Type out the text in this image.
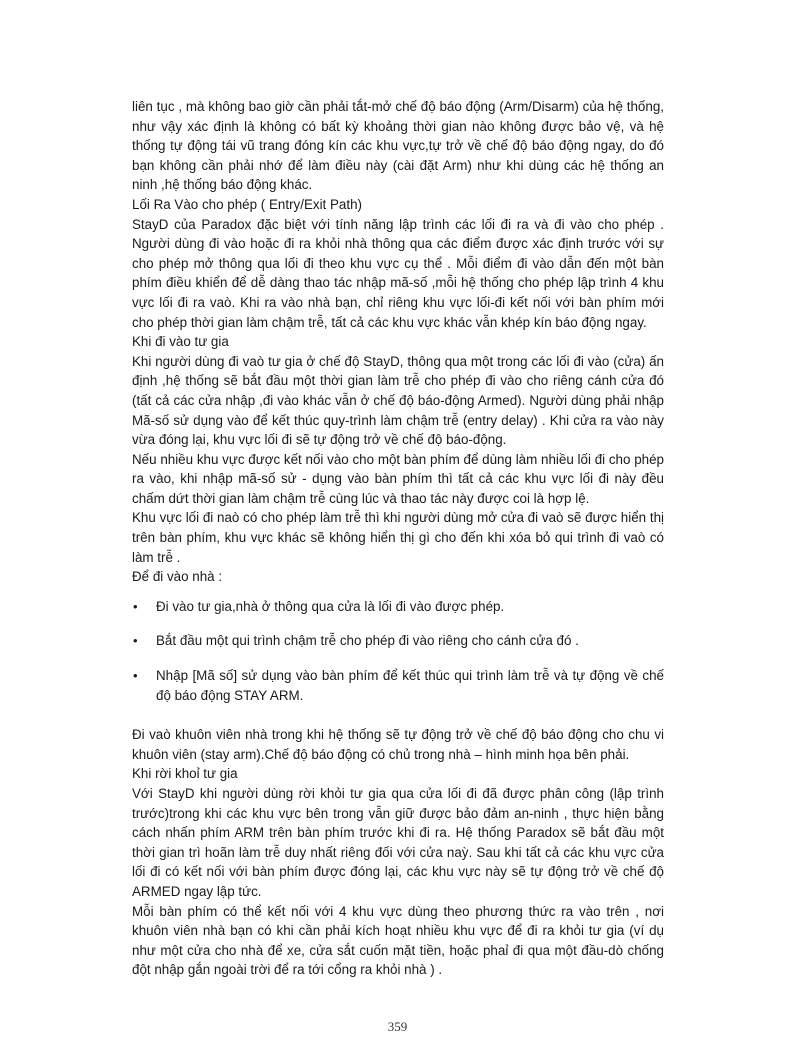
liên tục , mà không bao giờ cần phải tắt-mở chế độ báo động (Arm/Disarm) của hệ thống, như vậy xác định là không có bất kỳ khoảng thời gian nào không được bảo vệ, và hệ thống tự động tái vũ trang đóng kín các khu vực,tự trở về chế độ báo động ngay, do đó bạn không cần phải nhớ để làm điều này (cài đặt Arm) như khi dùng các hệ thống an ninh ,hệ thống báo động khác.

Lối Ra Vào cho phép ( Entry/Exit Path)

StayD của Paradox đặc biệt với tính năng lập trình các lối đi ra và đi vào cho phép . Người dùng đi vào hoặc đi ra khỏi nhà thông qua các điểm được xác định trước với sự cho phép mở thông qua lối đi theo khu vực cụ thể . Mỗi điểm đi vào dẫn đến một bàn phím điều khiển để dễ dàng thao tác nhập mã-số ,mỗi hệ thống cho phép lập trình 4 khu vực lối đi ra vaò. Khi ra vào nhà bạn, chỉ riêng khu vực lối-đi kết nối với bàn phím mới cho phép thời gian làm chậm trễ, tất cả các khu vực khác vẫn khép kín báo động ngay.

Khi đi vào tư gia

Khi người dùng đi vaò tư gia ở chế độ StayD, thông qua một trong các lối đi vào (cửa) ấn định ,hệ thống sẽ bắt đầu một thời gian làm trễ cho phép đi vào cho riêng cánh cửa đó (tất cả các cửa nhập ,đi vào khác vẫn ở chế độ báo-động Armed). Người dùng phải nhập Mã-số sử dụng vào để kết thúc quy-trình làm chậm trễ (entry delay) . Khi cửa ra vào này vừa đóng lại, khu vực lối đi sẽ tự động trở về chế độ báo-động.

Nếu nhiều khu vực được kết nối vào cho một bàn phím để dùng làm nhiều lối đi cho phép ra vào, khi nhập mã-số sử - dụng vào bàn phím thì tất cả các khu vực lối đi này đều chấm dứt thời gian làm chậm trễ cùng lúc và thao tác này được coi là hợp lệ.

Khu vực lối đi naò có cho phép làm trễ thì khi người dùng mở cửa đi vaò sẽ được hiển thị trên bàn phím, khu vực khác sẽ không hiển thị gì cho đến khi xóa bỏ qui trình đi vaò có làm trễ .

Để đi vào nhà :

• Đi vào tư gia,nhà ở thông qua cửa là lối đi vào được phép.
• Bắt đầu một qui trình chậm trễ cho phép đi vào riêng cho cánh cửa đó .
• Nhập [Mã số] sử dụng vào bàn phím để kết thúc qui trình làm trễ và tự động về chế độ báo động STAY ARM.

Đi vaò khuôn viên nhà trong khi hệ thống sẽ tự động trở về chế độ báo động cho chu vi khuôn viên (stay arm).Chế độ báo động có chủ trong nhà – hình minh họa bên phải.

Khi rời khoỉ tư gia

Với StayD khi người dùng rời khỏi tư gia qua cửa lối đi đã được phân công (lập trình trước)trong khi các khu vực bên trong vẫn giữ được bảo đảm an-ninh , thực hiện bằng cách nhấn phím ARM trên bàn phím trước khi đi ra. Hệ thống Paradox sẽ bắt đầu một thời gian trì hoãn làm trễ duy nhất riêng đối với cửa naỳ. Sau khi tất cả các khu vực cửa lối đi có kết nối với bàn phím được đóng lại, các khu vực này sẽ tự động trở về chế độ ARMED ngay lập tức.

Mỗi bàn phím có thể kết nối với 4 khu vực dùng theo phương thức ra vào trên , nơi khuôn viên nhà bạn có khi cần phải kích hoạt nhiều khu vực để đi ra khỏi tư gia (ví dụ như một cửa cho nhà để xe, cửa sắt cuốn mặt tiền, hoặc phaỉ đi qua một đầu-dò chống đột nhập gắn ngoài trời để ra tới cổng ra khỏi nhà ) .

359
